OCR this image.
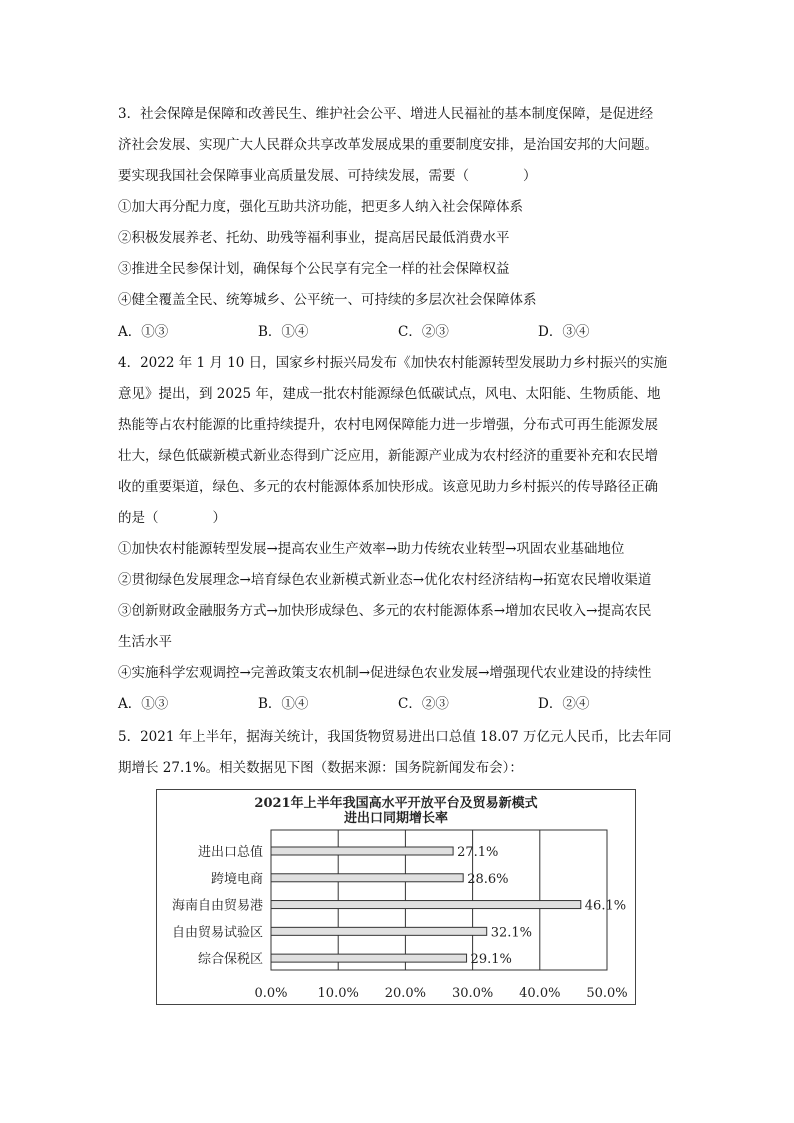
3．社会保障是保障和改善民生、维护社会公平、增进人民福祉的基本制度保障，是促进经
济社会发展、实现广大人民群众共享改革发展成果的重要制度安排，是治国安邦的大问题。
要实现我国社会保障事业高质量发展、可持续发展，需要（　　　　）
①加大再分配力度，强化互助共济功能，把更多人纳入社会保障体系
②积极发展养老、托幼、助残等福利事业，提高居民最低消费水平
③推进全民参保计划，确保每个公民享有完全一样的社会保障权益
④健全覆盖全民、统筹城乡、公平统一、可持续的多层次社会保障体系
A．①③	B．①④	C．②③	D．③④
4．2022 年 1 月 10 日，国家乡村振兴局发布《加快农村能源转型发展助力乡村振兴的实施
意见》提出，到 2025 年，建成一批农村能源绿色低碳试点，风电、太阳能、生物质能、地
热能等占农村能源的比重持续提升，农村电网保障能力进一步增强，分布式可再生能源发展
壮大，绿色低碳新模式新业态得到广泛应用，新能源产业成为农村经济的重要补充和农民增
收的重要渠道，绿色、多元的农村能源体系加快形成。该意见助力乡村振兴的传导路径正确
的是（　　　　）
①加快农村能源转型发展→提高农业生产效率→助力传统农业转型→巩固农业基础地位
②贯彻绿色发展理念→培育绿色农业新模式新业态→优化农村经济结构→拓宽农民增收渠道
③创新财政金融服务方式→加快形成绿色、多元的农村能源体系→增加农民收入→提高农民
生活水平
④实施科学宏观调控→完善政策支农机制→促进绿色农业发展→增强现代农业建设的持续性
A．①③	B．①④	C．②③	D．②④
5．2021 年上半年，据海关统计，我国货物贸易进出口总值 18.07 万亿元人民币，比去年同
期增长 27.1%。相关数据见下图（数据来源：国务院新闻发布会）：
2021年上半年我国高水平开放平台及贸易新模式
进出口同期增长率
0.0% 10.0% 20.0% 30.0% 40.0% 50.0%
进出口总值	27.1%
跨境电商	28.6%
海南自由贸易港	46.1%
自由贸易试验区	32.1%
综合保税区	29.1%
